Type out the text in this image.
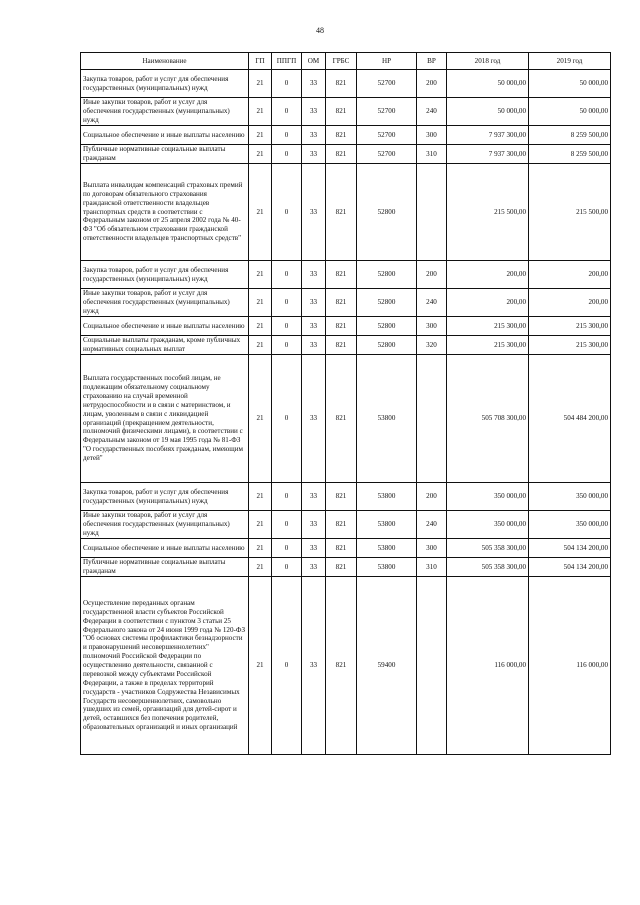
48
Наименование	ГП	ППГП	ОМ	ГРБС	НР	ВР	2018 год	2019 год
Закупка товаров, работ и услуг для обеспечения государственных (муниципальных) нужд	21	0	33	821	52700	200	50 000,00	50 000,00
Иные закупки товаров, работ и услуг для обеспечения государственных (муниципальных) нужд	21	0	33	821	52700	240	50 000,00	50 000,00
Социальное обеспечение и иные выплаты населению	21	0	33	821	52700	300	7 937 300,00	8 259 500,00
Публичные нормативные социальные выплаты гражданам	21	0	33	821	52700	310	7 937 300,00	8 259 500,00
Выплата инвалидам компенсаций страховых премий по договорам обязательного страхования гражданской ответственности владельцев транспортных средств в соответствии с Федеральным законом от 25 апреля 2002 года № 40-ФЗ "Об обязательном страховании гражданской ответственности владельцев транспортных средств"	21	0	33	821	52800		215 500,00	215 500,00
Закупка товаров, работ и услуг для обеспечения государственных (муниципальных) нужд	21	0	33	821	52800	200	200,00	200,00
Иные закупки товаров, работ и услуг для обеспечения государственных (муниципальных) нужд	21	0	33	821	52800	240	200,00	200,00
Социальное обеспечение и иные выплаты населению	21	0	33	821	52800	300	215 300,00	215 300,00
Социальные выплаты гражданам, кроме публичных нормативных социальных выплат	21	0	33	821	52800	320	215 300,00	215 300,00
Выплата государственных пособий лицам, не подлежащим обязательному социальному страхованию на случай временной нетрудоспособности и в связи с материнством, и лицам, уволенным в связи с ликвидацией организаций (прекращением деятельности, полномочий физическими лицами), в соответствии с Федеральным законом от 19 мая 1995 года № 81-ФЗ "О государственных пособиях гражданам, имеющим детей"	21	0	33	821	53800		505 708 300,00	504 484 200,00
Закупка товаров, работ и услуг для обеспечения государственных (муниципальных) нужд	21	0	33	821	53800	200	350 000,00	350 000,00
Иные закупки товаров, работ и услуг для обеспечения государственных (муниципальных) нужд	21	0	33	821	53800	240	350 000,00	350 000,00
Социальное обеспечение и иные выплаты населению	21	0	33	821	53800	300	505 358 300,00	504 134 200,00
Публичные нормативные социальные выплаты гражданам	21	0	33	821	53800	310	505 358 300,00	504 134 200,00
Осуществление переданных органам государственной власти субъектов Российской Федерации в соответствии с пунктом 3 статьи 25 Федерального закона от 24 июня 1999 года № 120-ФЗ "Об основах системы профилактики безнадзорности и правонарушений несовершеннолетних" полномочий Российской Федерации по осуществлению деятельности, связанной с перевозкой между субъектами Российской Федерации, а также в пределах территорий государств - участников Содружества Независимых Государств несовершеннолетних, самовольно ушедших из семей, организаций для детей-сирот и детей, оставшихся без попечения родителей, образовательных организаций и иных организаций	21	0	33	821	59400		116 000,00	116 000,00
